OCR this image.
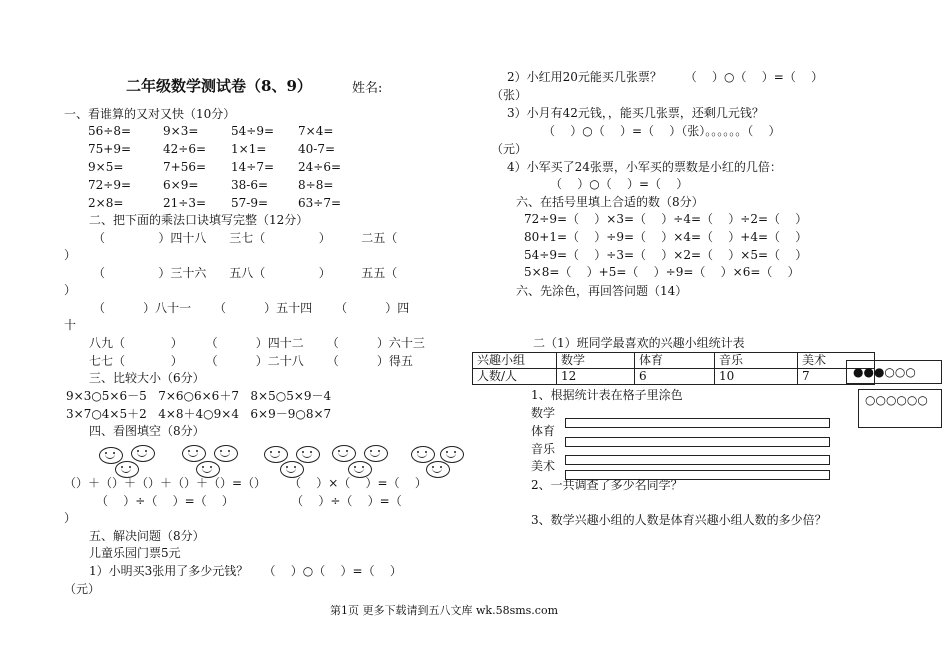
二年级数学测试卷（8、9）	姓名:
一、看谁算的又对又快（10分）
56÷8=	9×3=	54÷9= 7×4=
75+9=	42÷6= 1×1=	40-7=
9×5=	7+56= 14÷7= 24÷6=
72÷9=	6×9=	38-6= 8÷8=
2×8=	21÷3= 57-9= 63÷7=
二、把下面的乘法口诀填写完整（12分）
（              ）四十八      三七（              ）        二五（
）
（              ）三十六      五八（              ）        五五（
）
（          ）八十一      （          ）五十四      （          ）四
十
八九（            ）      （          ）四十二      （          ）六十三
七七（            ）      （          ）二十八      （          ）得五
三、比较大小（6分）
9×3○5×6－5   7×6○6×6＋7   8×5○5×9－4
3×7○4×5＋2   4×8＋4○9×4   6×9－9○8×7
四、看图填空（8分）
（）＋（）＋（）＋（）＋（）=（）      （    ）×（    ）=（    ）
（    ）÷（    ）=（    ）               （    ）÷（    ）=（
）
五、解决问题（8分）
儿童乐园门票5元
1）小明买3张用了多少元钱？    （    ）○（    ）=（    ）
（元）
2）小红用20元能买几张票？      （    ）○（    ）=（    ）
（张）
3）小月有42元钱，，能买几张票，还剩几元钱？
（    ）○（    ）=（    ）（张）。。。。。。（    ）
（元）
4）小军买了24张票，小军买的票数是小红的几倍：
（    ）○（    ）=（    ）
六、在括号里填上合适的数（8分）
72÷9=（    ）×3=（    ）÷4=（    ）÷2=（    ）
80+1=（    ）÷9=（    ）×4=（    ）+4=（    ）
54÷9=（    ）÷3=（    ）×2=（    ）×5=（    ）
5×8=（    ）+5=（    ）÷9=（    ）×6=（    ）
六、先涂色，再回答问题（14）
二（1）班同学最喜欢的兴趣小组统计表
兴趣小组	数学	体育	音乐	美术
人数/人	12	6	10	7	●●●○○○
○○○○○○
1、根据统计表在格子里涂色
数学
体育
音乐
美术
2、一共调查了多少名同学？
3、数学兴趣小组的人数是体育兴趣小组人数的多少倍？
第1页 更多下载请到五八文库 wk.58sms.com
